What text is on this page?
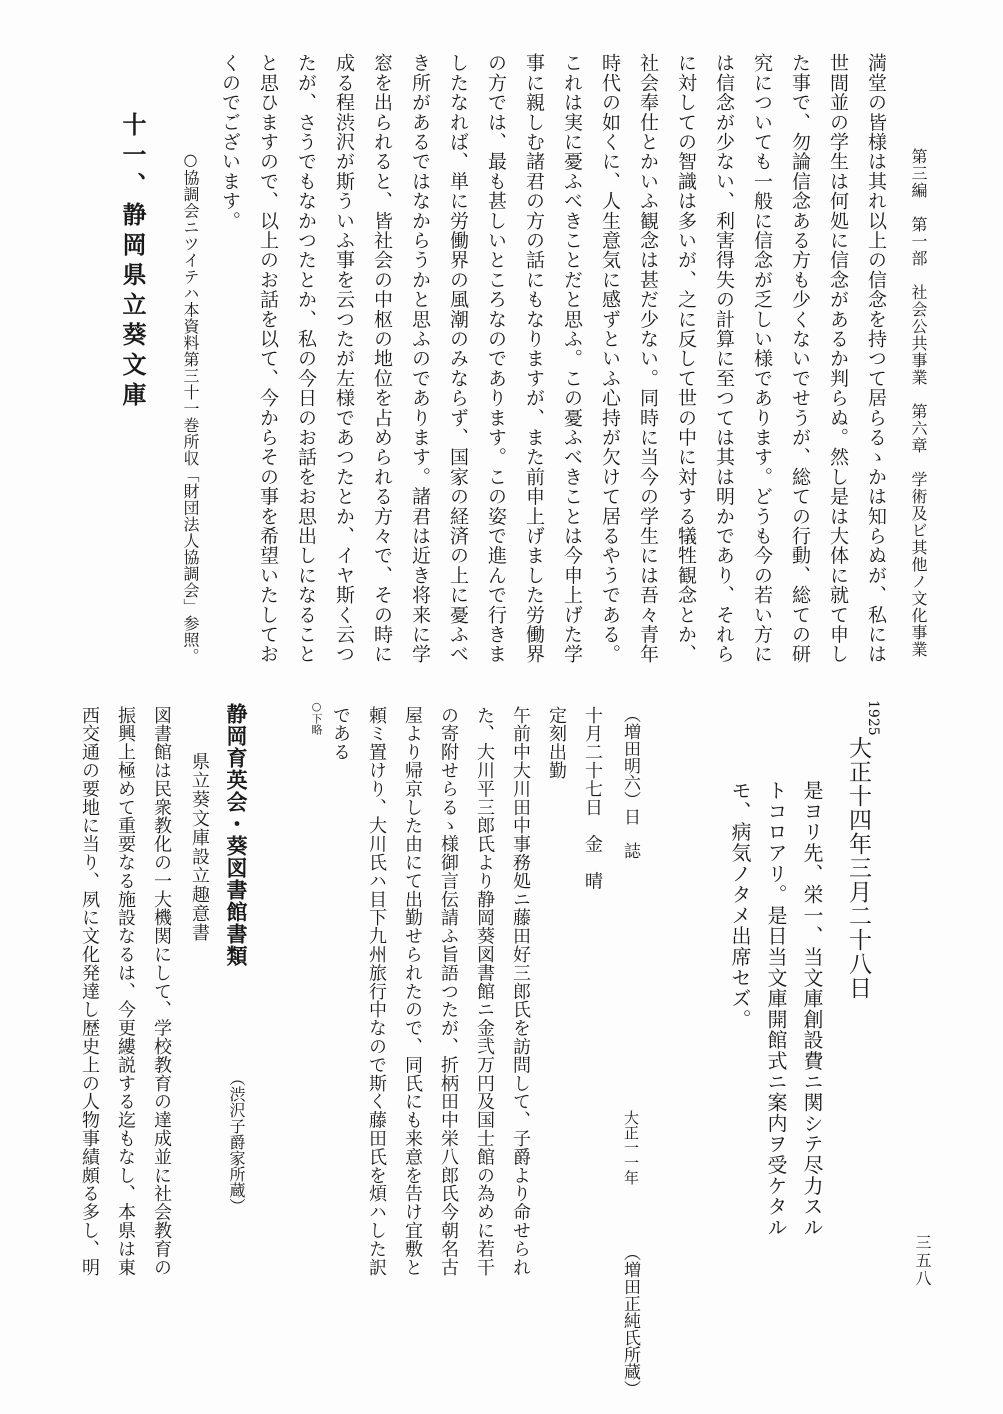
第三編　第一部　社会公共事業　第六章　学術及ビ其他ノ文化事業
三五八

満堂の皆様は其れ以上の信念を持つて居らるゝかは知らぬが、私には

世間並の学生は何処に信念があるか判らぬ。然し是は大体に就て申し

た事で、勿論信念ある方も少くないでせうが、総ての行動、総ての研

究についても一般に信念が乏しい様であります。どうも今の若い方に

は信念が少ない、利害得失の計算に至つては其は明かであり、それら

に対しての智識は多いが、之に反して世の中に対する犠牲観念とか、

社会奉仕とかいふ観念は甚だ少ない。同時に当今の学生には吾々青年

時代の如くに、人生意気に感ずといふ心持が欠けて居るやうである。

これは実に憂ふべきことだと思ふ。この憂ふべきことは今申上げた学

事に親しむ諸君の方の話にもなりますが、また前申上げました労働界

の方では、最も甚しいところなのであります。この姿で進んで行きま

したなれば、単に労働界の風潮のみならず、国家の経済の上に憂ふべ

き所があるではなからうかと思ふのであります。諸君は近き将来に学

窓を出られると、皆社会の中枢の地位を占められる方々で、その時に

成る程渋沢が斯ういふ事を云つたが左様であつたとか、イヤ斯く云つ

たが、さうでもなかつたとか、私の今日のお話をお思出しになること

と思ひますので、以上のお話を以て、今からその事を希望いたしてお

くのでございます。

○協調会ニツイテハ本資料第三十一巻所収「財団法人協調会」参照。

十一、静岡県立葵文庫
1925
大正十四年三月二十八日

是ヨリ先、栄一、当文庫創設費ニ関シテ尽力スル

トコロアリ。是日当文庫開館式ニ案内ヲ受ケタル

モ、病気ノタメ出席セズ。

（増田明六）日　誌
大正一一年
（増田正純氏所蔵）

十月二十七日　金　晴

定刻出勤

午前中大川田中事務処ニ藤田好三郎氏を訪問して、子爵より命せられ

た、大川平三郎氏より静岡葵図書館ニ金弐万円及国士館の為めに若干

の寄附せらるゝ様御言伝請ふ旨語つたが、折柄田中栄八郎氏今朝名古

屋より帰京した由にて出勤せられたので、同氏にも来意を告け宜敷と

頼ミ置けり、大川氏ハ目下九州旅行中なので斯く藤田氏を煩ハした訳

である

○下略
静岡育英会・葵図書館書類
（渋沢子爵家所蔵）
県立葵文庫設立趣意書

図書館は民衆教化の一大機関にして、学校教育の達成並に社会教育の

振興上極めて重要なる施設なるは、今更縷説する迄もなし、本県は東

西交通の要地に当り、夙に文化発達し歴史上の人物事績頗る多し、明
